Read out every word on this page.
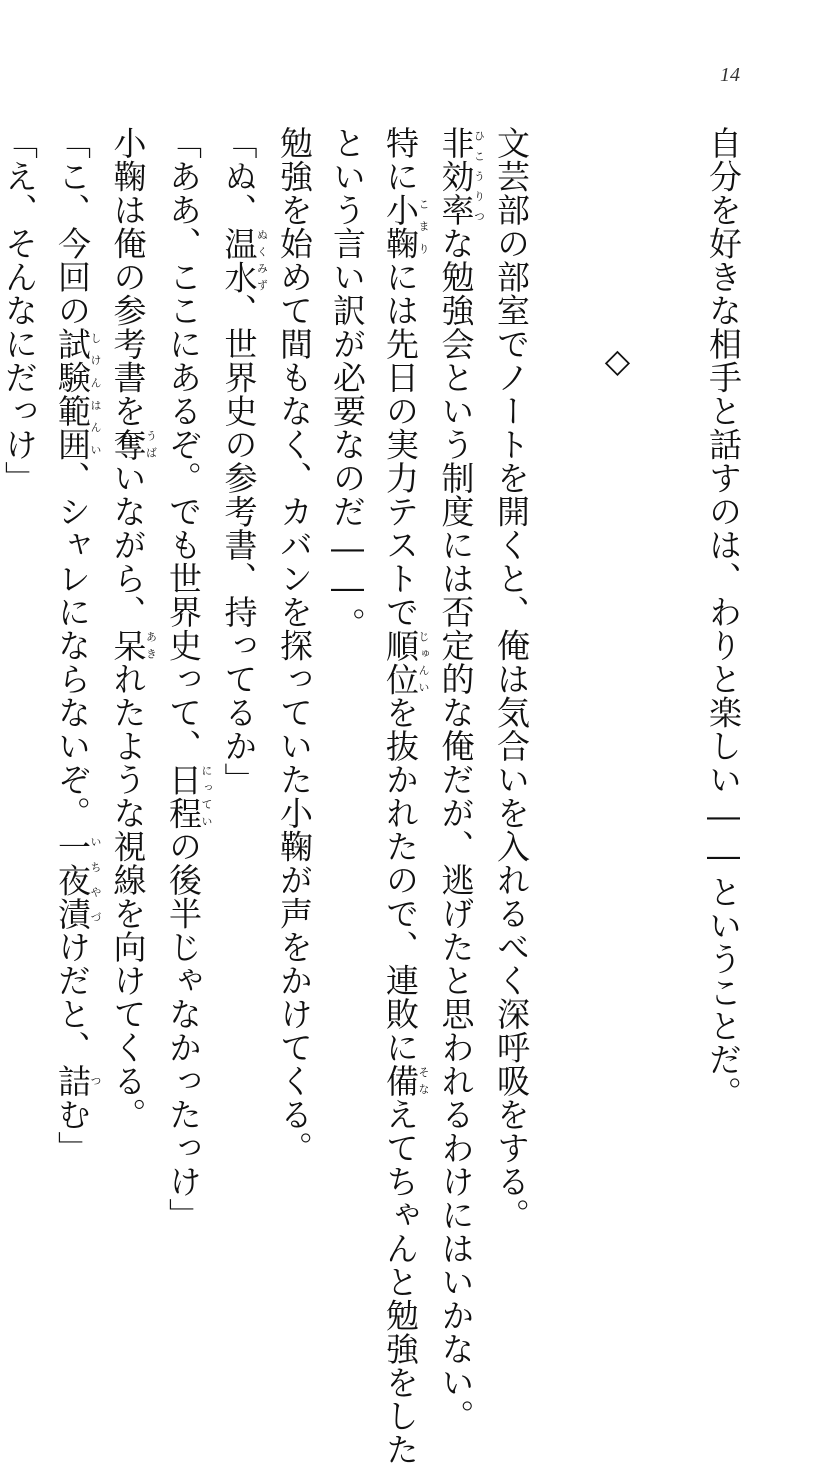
14
自分を好きな相手と話すのは、わりと楽しい――ということだ。

◇

文芸部の部室でノートを開くと、俺は気合いを入れるべく深呼吸をする。
非効率ひこうりつな勉強会という制度には否定的な俺だが、逃げたと思われるわけにはいかない。
特に小鞠こまりには先日の実力テストで順位じゅんいを抜かれたので、連敗に備そなえてちゃんと勉強をした
という言い訳が必要なのだ――。
勉強を始めて間もなく、カバンを探っていた小鞠が声をかけてくる。
「ぬ、温水ぬくみず、世界史の参考書、持ってるか」
「ああ、ここにあるぞ。でも世界史って、日程にっていの後半じゃなかったっけ」
小鞠は俺の参考書を奪うばいながら、呆あきれたような視線を向けてくる。
「こ、今回の試験範囲しけんはんい、シャレにならないぞ。一夜漬いちやづけだと、詰つむ」
「え、そんなにだっけ」
